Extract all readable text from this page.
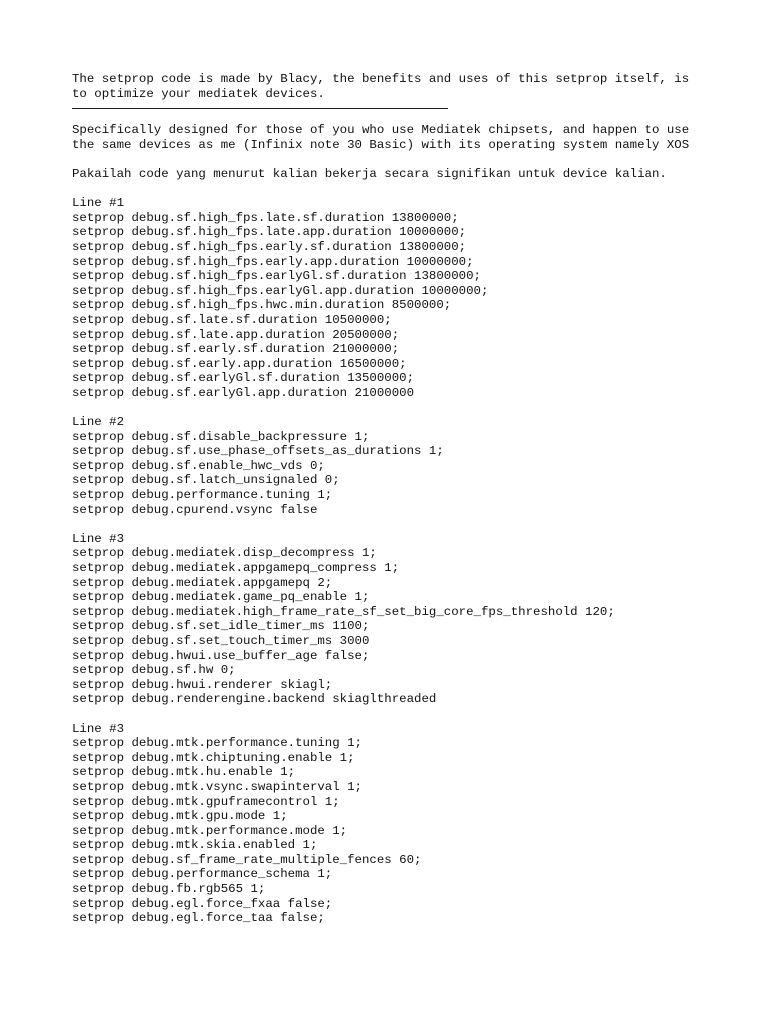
The setprop code is made by Blacy, the benefits and uses of this setprop itself, is
to optimize your mediatek devices.
Specifically designed for those of you who use Mediatek chipsets, and happen to use
the same devices as me (Infinix note 30 Basic) with its operating system namely XOS
Pakailah code yang menurut kalian bekerja secara signifikan untuk device kalian.
Line #1
setprop debug.sf.high_fps.late.sf.duration 13800000;
setprop debug.sf.high_fps.late.app.duration 10000000;
setprop debug.sf.high_fps.early.sf.duration 13800000;
setprop debug.sf.high_fps.early.app.duration 10000000;
setprop debug.sf.high_fps.earlyGl.sf.duration 13800000;
setprop debug.sf.high_fps.earlyGl.app.duration 10000000;
setprop debug.sf.high_fps.hwc.min.duration 8500000;
setprop debug.sf.late.sf.duration 10500000;
setprop debug.sf.late.app.duration 20500000;
setprop debug.sf.early.sf.duration 21000000;
setprop debug.sf.early.app.duration 16500000;
setprop debug.sf.earlyGl.sf.duration 13500000;
setprop debug.sf.earlyGl.app.duration 21000000
Line #2
setprop debug.sf.disable_backpressure 1;
setprop debug.sf.use_phase_offsets_as_durations 1;
setprop debug.sf.enable_hwc_vds 0;
setprop debug.sf.latch_unsignaled 0;
setprop debug.performance.tuning 1;
setprop debug.cpurend.vsync false
Line #3
setprop debug.mediatek.disp_decompress 1;
setprop debug.mediatek.appgamepq_compress 1;
setprop debug.mediatek.appgamepq 2;
setprop debug.mediatek.game_pq_enable 1;
setprop debug.mediatek.high_frame_rate_sf_set_big_core_fps_threshold 120;
setprop debug.sf.set_idle_timer_ms 1100;
setprop debug.sf.set_touch_timer_ms 3000
setprop debug.hwui.use_buffer_age false;
setprop debug.sf.hw 0;
setprop debug.hwui.renderer skiagl;
setprop debug.renderengine.backend skiaglthreaded
Line #3
setprop debug.mtk.performance.tuning 1;
setprop debug.mtk.chiptuning.enable 1;
setprop debug.mtk.hu.enable 1;
setprop debug.mtk.vsync.swapinterval 1;
setprop debug.mtk.gpuframecontrol 1;
setprop debug.mtk.gpu.mode 1;
setprop debug.mtk.performance.mode 1;
setprop debug.mtk.skia.enabled 1;
setprop debug.sf_frame_rate_multiple_fences 60;
setprop debug.performance_schema 1;
setprop debug.fb.rgb565 1;
setprop debug.egl.force_fxaa false;
setprop debug.egl.force_taa false;
